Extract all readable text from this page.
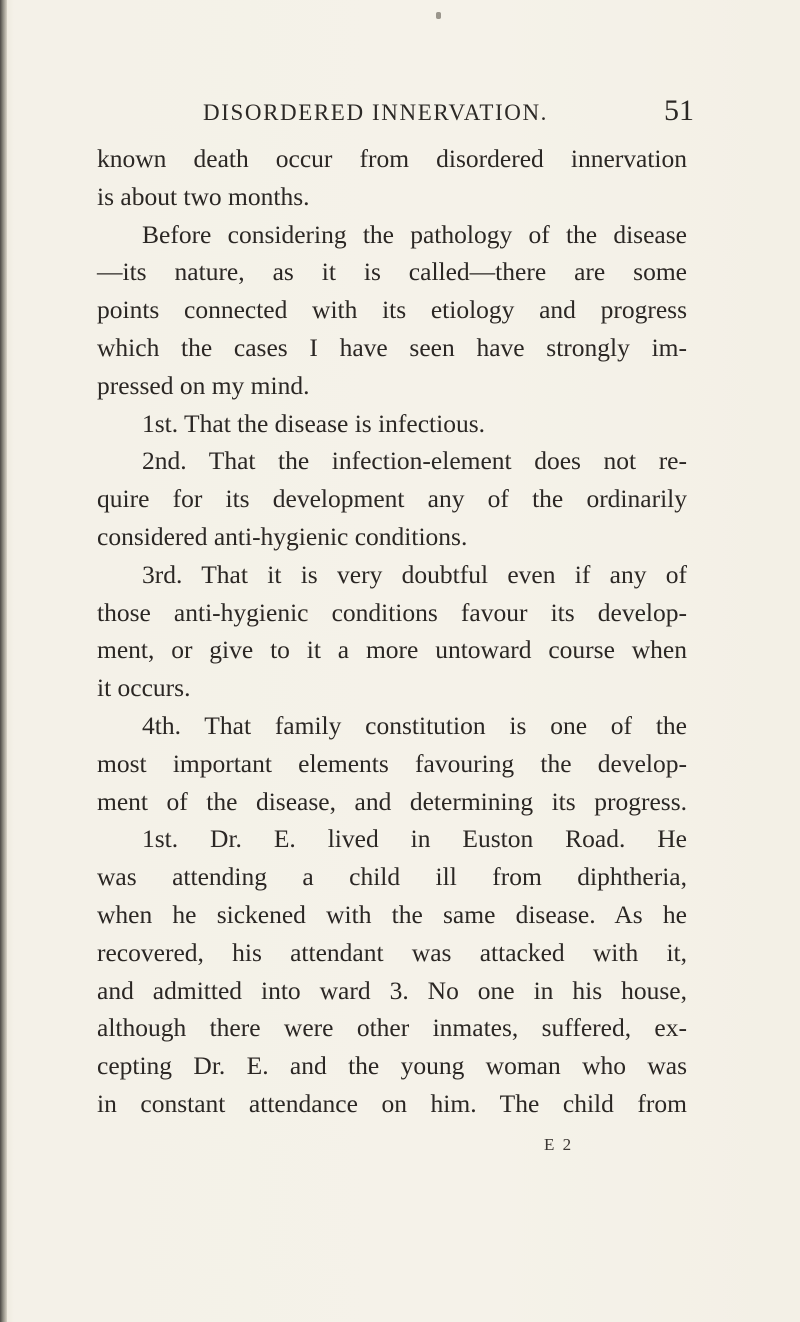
DISORDERED INNERVATION.	51
known death occur from disordered innervation
is about two months.
Before considering the pathology of the disease
—its nature, as it is called—there are some
points connected with its etiology and progress
which the cases I have seen have strongly im-
pressed on my mind.
1st. That the disease is infectious.
2nd. That the infection-element does not re-
quire for its development any of the ordinarily
considered anti-hygienic conditions.
3rd. That it is very doubtful even if any of
those anti-hygienic conditions favour its develop-
ment, or give to it a more untoward course when
it occurs.
4th. That family constitution is one of the
most important elements favouring the develop-
ment of the disease, and determining its progress.
1st. Dr. E. lived in Euston Road. He
was attending a child ill from diphtheria,
when he sickened with the same disease. As he
recovered, his attendant was attacked with it,
and admitted into ward 3. No one in his house,
although there were other inmates, suffered, ex-
cepting Dr. E. and the young woman who was
in constant attendance on him. The child from
E 2
